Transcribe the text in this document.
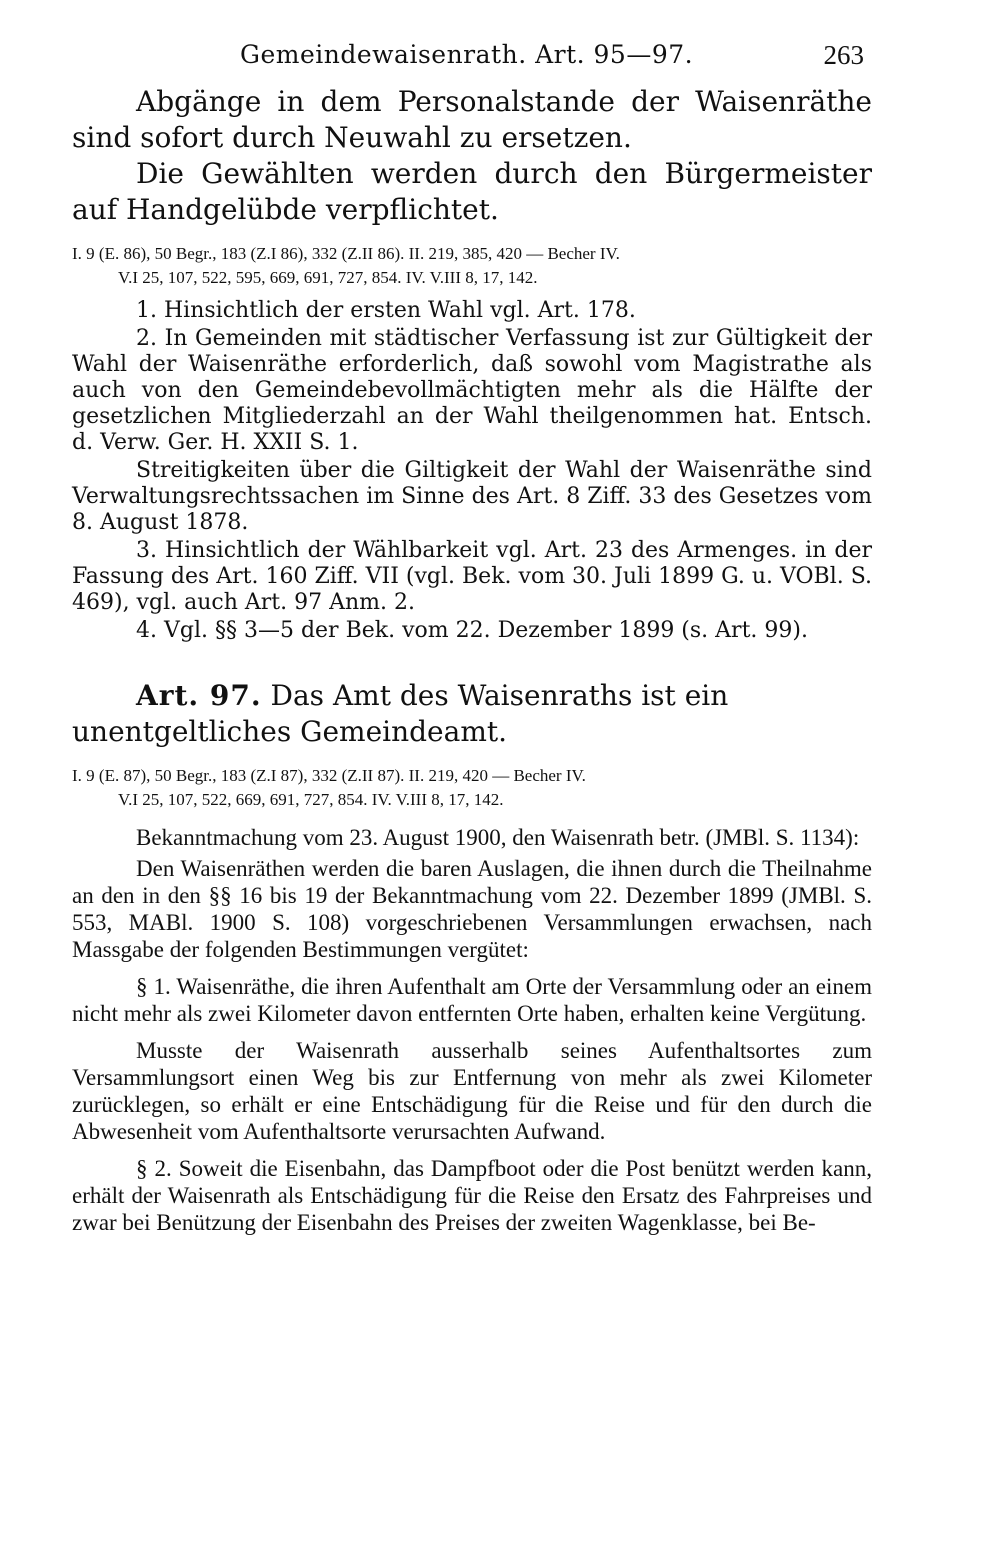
Gemeindewaisenrath. Art. 95—97.	263
Abgänge in dem Personalstande der Waisenräthe sind sofort durch Neuwahl zu ersetzen.
Die Gewählten werden durch den Bürgermeister auf Handgelübde verpflichtet.
I. 9 (E. 86), 50 Begr., 183 (Z.I 86), 332 (Z.II 86). II. 219, 385, 420 — Becher IV.
V.I 25, 107, 522, 595, 669, 691, 727, 854. IV. V.III 8, 17, 142.

1. Hinsichtlich der ersten Wahl vgl. Art. 178.

2. In Gemeinden mit städtischer Verfassung ist zur Gültigkeit der Wahl der Waisenräthe erforderlich, daß sowohl vom Magistrathe als auch von den Gemeindebevollmächtigten mehr als die Hälfte der gesetzlichen Mitgliederzahl an der Wahl theilgenommen hat. Entsch. d. Verw. Ger. H. XXII S. 1.

Streitigkeiten über die Giltigkeit der Wahl der Waisenräthe sind Verwaltungsrechtssachen im Sinne des Art. 8 Ziff. 33 des Gesetzes vom 8. August 1878.

3. Hinsichtlich der Wählbarkeit vgl. Art. 23 des Armenges. in der Fassung des Art. 160 Ziff. VII (vgl. Bek. vom 30. Juli 1899 G. u. VOBl. S. 469), vgl. auch Art. 97 Anm. 2.

4. Vgl. §§ 3—5 der Bek. vom 22. Dezember 1899 (s. Art. 99).

Art. 97. Das Amt des Waisenraths ist ein unentgeltliches Gemeindeamt.
I. 9 (E. 87), 50 Begr., 183 (Z.I 87), 332 (Z.II 87). II. 219, 420 — Becher IV.
V.I 25, 107, 522, 669, 691, 727, 854. IV. V.III 8, 17, 142.

Bekanntmachung vom 23. August 1900, den Waisenrath betr. (JMBl. S. 1134):

Den Waisenräthen werden die baren Auslagen, die ihnen durch die Theilnahme an den in den §§ 16 bis 19 der Bekanntmachung vom 22. Dezember 1899 (JMBl. S. 553, MABl. 1900 S. 108) vorgeschriebenen Versammlungen erwachsen, nach Massgabe der folgenden Bestimmungen vergütet:

§ 1. Waisenräthe, die ihren Aufenthalt am Orte der Versammlung oder an einem nicht mehr als zwei Kilometer davon entfernten Orte haben, erhalten keine Vergütung.

Musste der Waisenrath ausserhalb seines Aufenthaltsortes zum Versammlungsort einen Weg bis zur Entfernung von mehr als zwei Kilometer zurücklegen, so erhält er eine Entschädigung für die Reise und für den durch die Abwesenheit vom Aufenthaltsorte verursachten Aufwand.

§ 2. Soweit die Eisenbahn, das Dampfboot oder die Post benützt werden kann, erhält der Waisenrath als Entschädigung für die Reise den Ersatz des Fahrpreises und zwar bei Benützung der Eisenbahn des Preises der zweiten Wagenklasse, bei Be-
